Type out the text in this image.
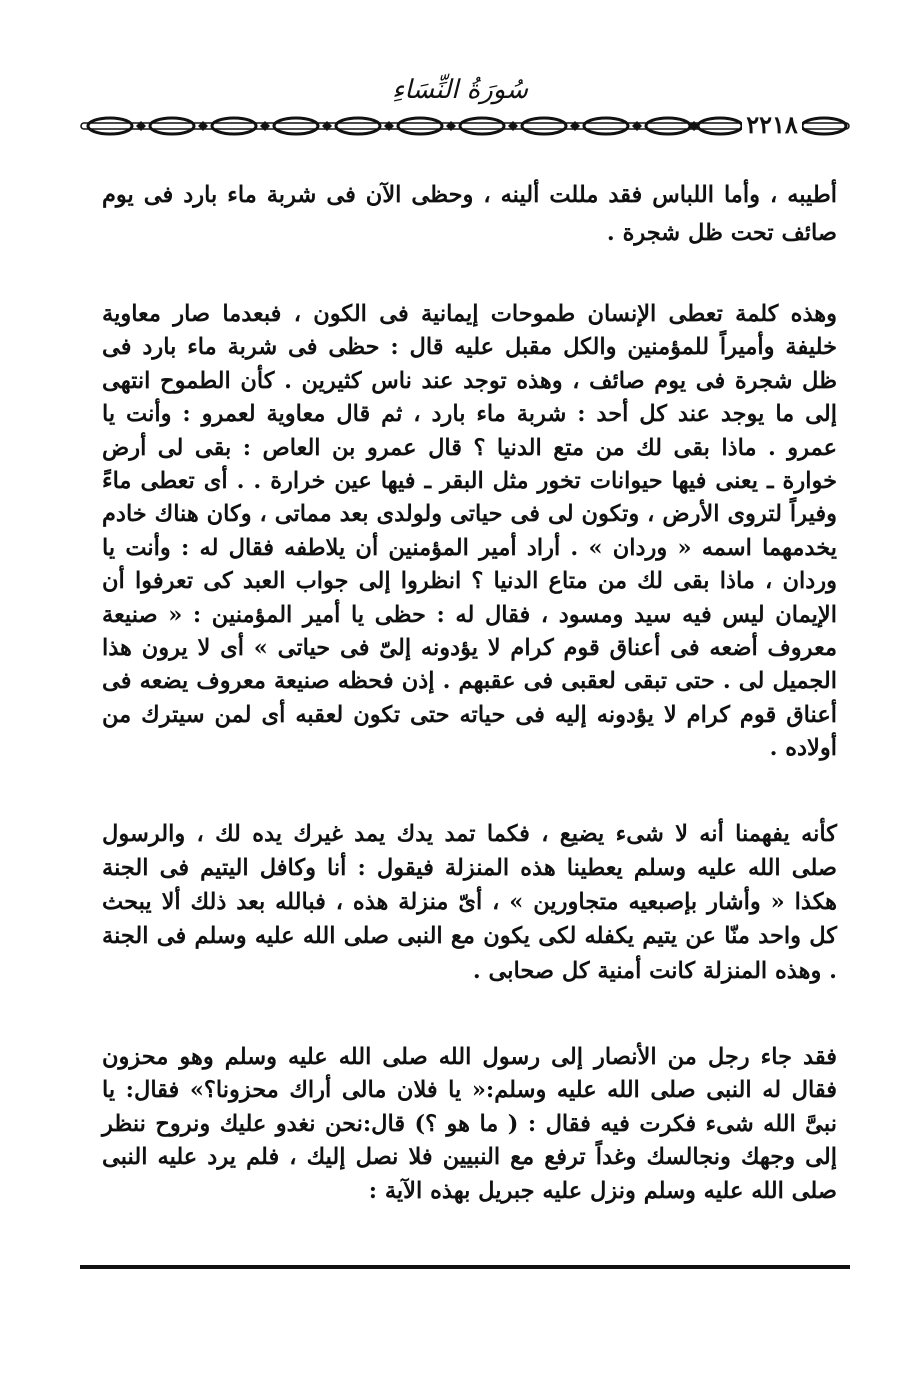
سُورَةُ النِّسَاءِ
٢٢١٨

أطيبه ، وأما اللباس فقد مللت ألينه ، وحظى الآن فى شربة ماء بارد فى يوم صائف تحت ظل شجرة .

وهذه كلمة تعطى الإنسان طموحات إيمانية فى الكون ، فبعدما صار معاوية خليفة وأميراً للمؤمنين والكل مقبل عليه قال : حظى فى شربة ماء بارد فى ظل شجرة فى يوم صائف ، وهذه توجد عند ناس كثيرين . كأن الطموح انتهى إلى ما يوجد عند كل أحد : شربة ماء بارد ، ثم قال معاوية لعمرو : وأنت يا عمرو . ماذا بقى لك من متع الدنيا ؟ قال عمرو بن العاص : بقى لى أرض خوارة ـ يعنى فيها حيوانات تخور مثل البقر ـ فيها عين خرارة . . أى تعطى ماءً وفيراً لتروى الأرض ، وتكون لى فى حياتى ولولدى بعد مماتى ، وكان هناك خادم يخدمهما اسمه « وردان » . أراد أمير المؤمنين أن يلاطفه فقال له : وأنت يا وردان ، ماذا بقى لك من متاع الدنيا ؟ انظروا إلى جواب العبد كى تعرفوا أن الإيمان ليس فيه سيد ومسود ، فقال له : حظى يا أمير المؤمنين : « صنيعة معروف أضعه فى أعناق قوم كرام لا يؤدونه إلىّ فى حياتى » أى لا يرون هذا الجميل لى . حتى تبقى لعقبى فى عقبهم . إذن فحظه صنيعة معروف يضعه فى أعناق قوم كرام لا يؤدونه إليه فى حياته حتى تكون لعقبه أى لمن سيترك من أولاده .

كأنه يفهمنا أنه لا شىء يضيع ، فكما تمد يدك يمد غيرك يده لك ، والرسول صلى الله عليه وسلم يعطينا هذه المنزلة فيقول : أنا وكافل اليتيم فى الجنة هكذا « وأشار بإصبعيه متجاورين » ، أىّ منزلة هذه ، فبالله بعد ذلك ألا يبحث كل واحد منّا عن يتيم يكفله لكى يكون مع النبى صلى الله عليه وسلم فى الجنة . وهذه المنزلة كانت أمنية كل صحابى .

فقد جاء رجل من الأنصار إلى رسول الله صلى الله عليه وسلم وهو محزون فقال له النبى صلى الله عليه وسلم:« يا فلان مالى أراك محزونا؟» فقال: يا نبىَّ الله شىء فكرت فيه فقال : ( ما هو ؟) قال:نحن نغدو عليك ونروح ننظر إلى وجهك ونجالسك وغداً ترفع مع النبيين فلا نصل إليك ، فلم يرد عليه النبى صلى الله عليه وسلم ونزل عليه جبريل بهذه الآية :
